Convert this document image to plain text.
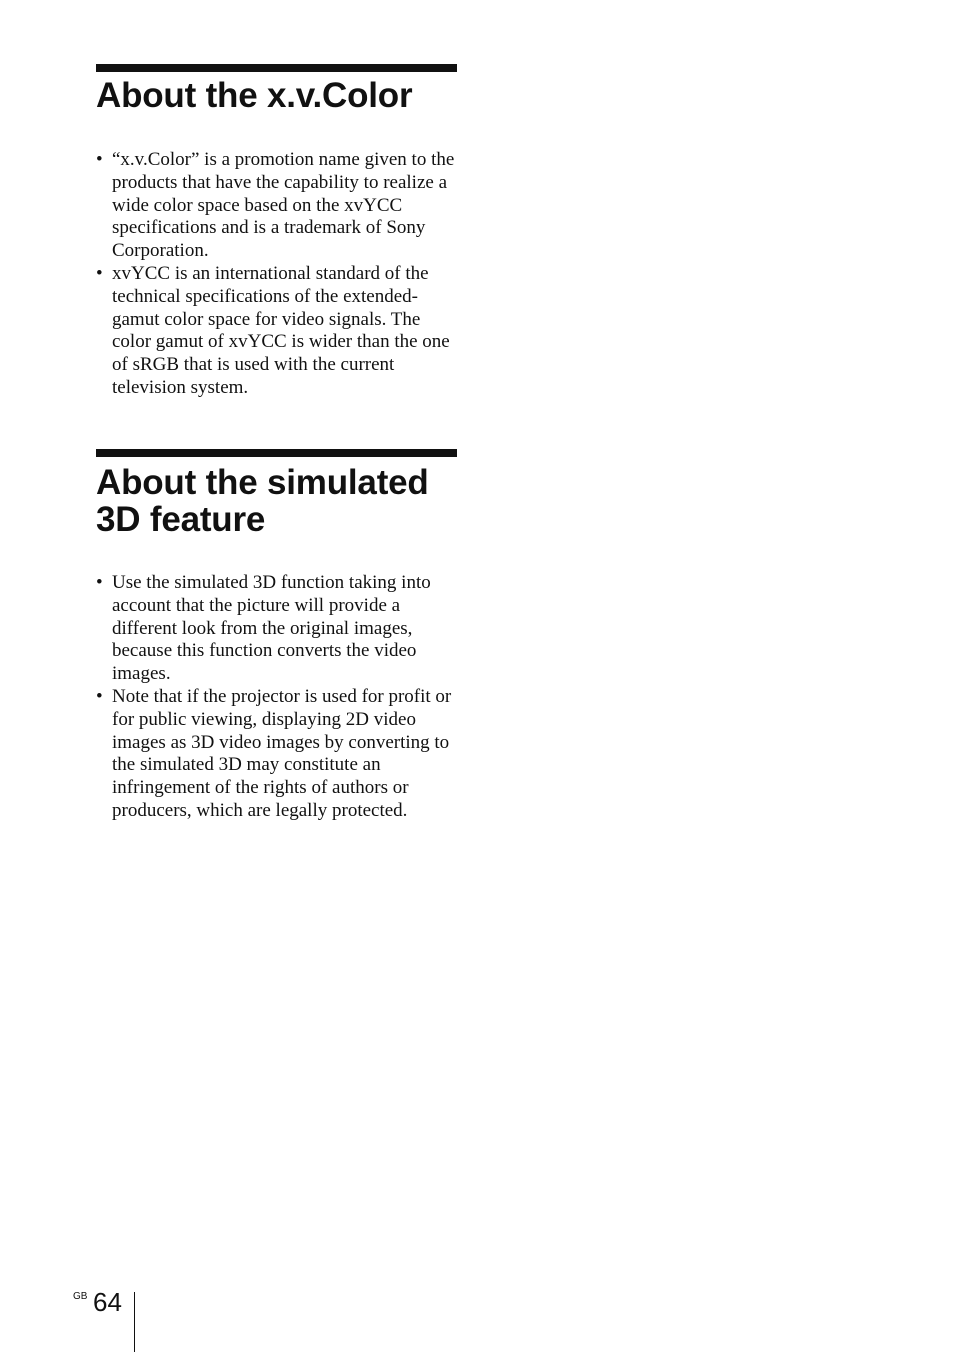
About the x.v.Color
• “x.v.Color” is a promotion name given to the products that have the capability to realize a wide color space based on the xvYCC specifications and is a trademark of Sony Corporation.
• xvYCC is an international standard of the technical specifications of the extended-gamut color space for video signals. The color gamut of xvYCC is wider than the one of sRGB that is used with the current television system.
About the simulated
3D feature
• Use the simulated 3D function taking into account that the picture will provide a different look from the original images, because this function converts the video images.
• Note that if the projector is used for profit or for public viewing, displaying 2D video images as 3D video images by converting to the simulated 3D may constitute an infringement of the rights of authors or producers, which are legally protected.
GB 64
